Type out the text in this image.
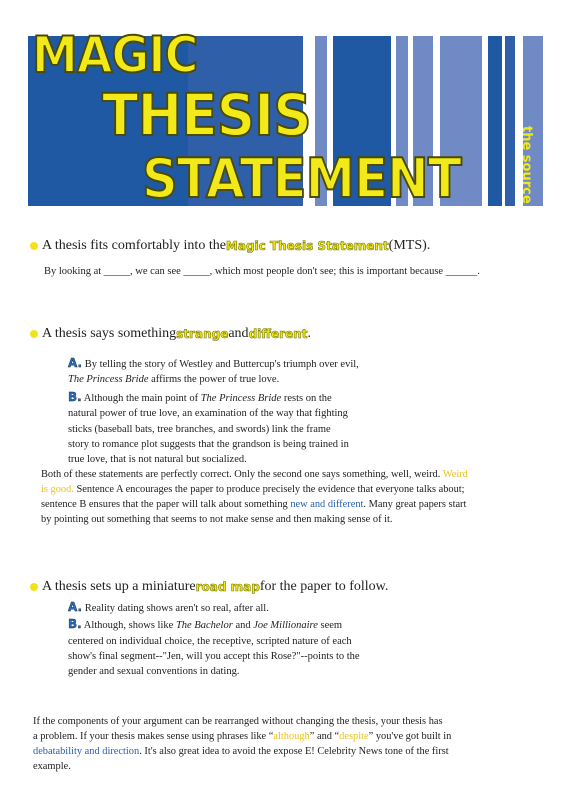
MAGIC
THESIS
STATEMENT	the source
A thesis fits comfortably into the Magic Thesis Statement (MTS).
By looking at _____, we can see _____, which most people don't see; this is important because ______.
A thesis says something strange and different .
A. By telling the story of Westley and Buttercup's triumph over evil,
The Princess Bride affirms the power of true love.
B. Although the main point of The Princess Bride rests on the
natural power of true love, an examination of the way that fighting
sticks (baseball bats, tree branches, and swords) link the frame
story to romance plot suggests that the grandson is being trained in
true love, that is not natural but socialized.
Both of these statements are perfectly correct. Only the second one says something, well, weird. Weird
is good. Sentence A encourages the paper to produce precisely the evidence that everyone talks about;
sentence B ensures that the paper will talk about something new and different. Many great papers start
by pointing out something that seems to not make sense and then making sense of it.
A thesis sets up a miniature road map for the paper to follow.
A. Reality dating shows aren't so real, after all.
B. Although, shows like The Bachelor and Joe Millionaire seem
centered on individual choice, the receptive, scripted nature of each
show's final segment--"Jen, will you accept this Rose?"--points to the
gender and sexual conventions in dating.
If the components of your argument can be rearranged without changing the thesis, your thesis has
a problem. If your thesis makes sense using phrases like “although” and “despite” you've got built in
debatability and direction. It's also great idea to avoid the expose E! Celebrity News tone of the first
example.
